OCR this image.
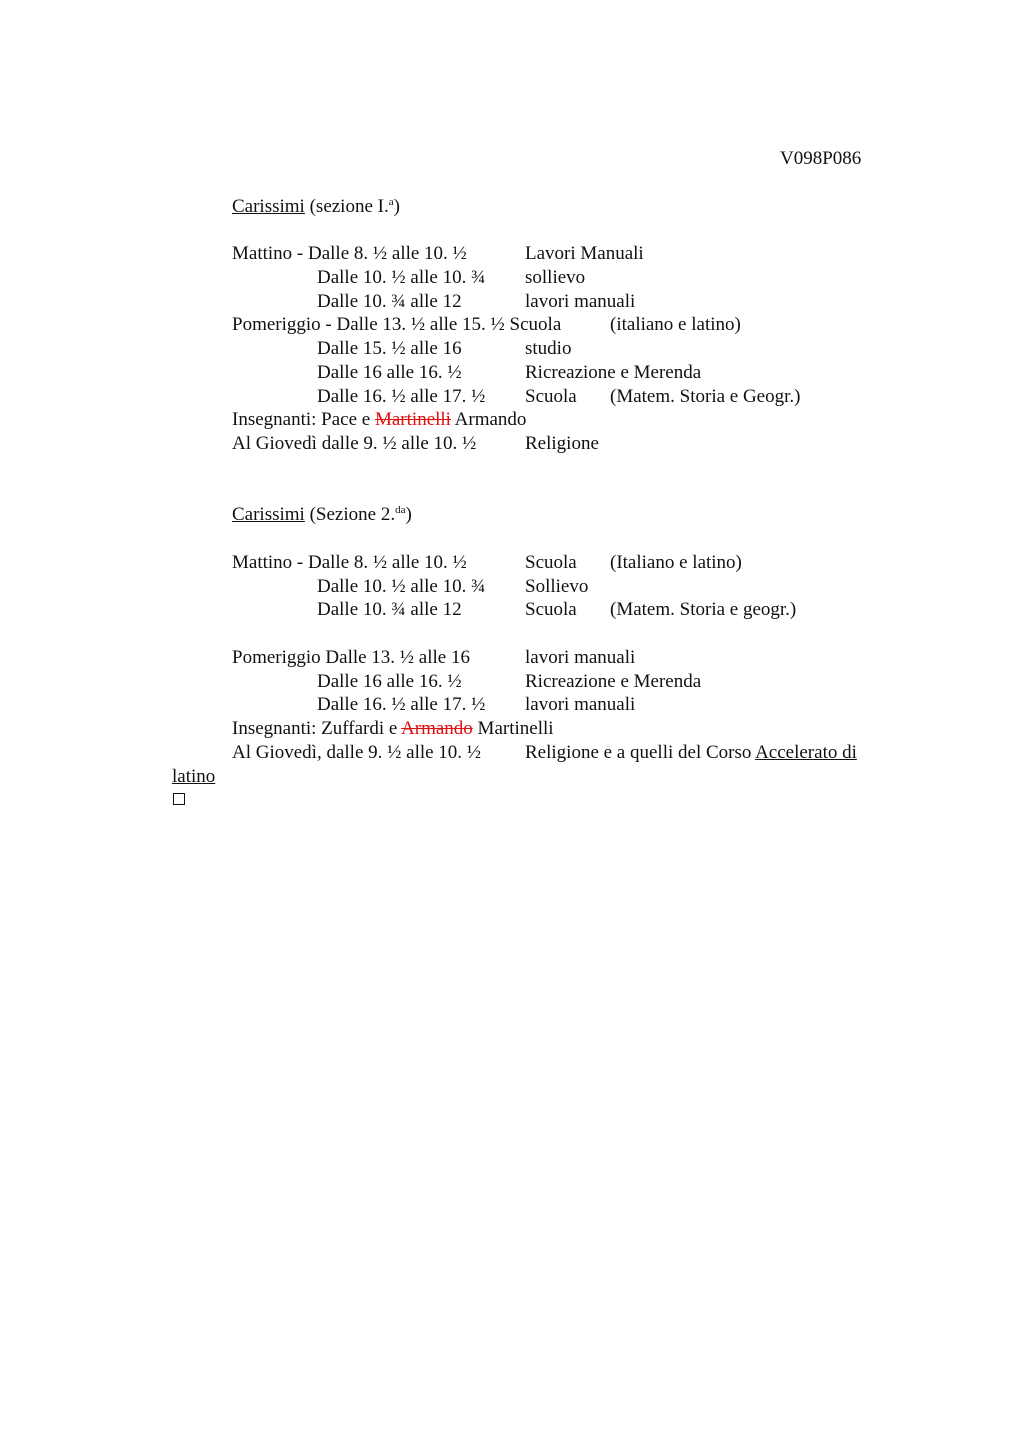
V098P086
Carissimi (sezione I.$^a$)
Mattino - Dalle 8. ½ alle 10. ½	Lavori Manuali
Dalle 10. ½ alle 10. ¾ sollievo
Dalle 10. ¾ alle 12	lavori manuali
Pomeriggio - Dalle 13. ½ alle 15. ½ Scuola	(italiano e latino)
Dalle 15. ½ alle 16	studio
Dalle 16 alle 16. ½	Ricreazione e Merenda
Dalle 16. ½ alle 17. ½ Scuola (Matem. Storia e Geogr.)
Insegnanti: Pace e Martinelli Armando
Al Giovedì dalle 9. ½ alle 10. ½	Religione
Carissimi (Sezione 2.$^{da}$)
Mattino - Dalle 8. ½ alle 10. ½	Scuola (Italiano e latino)
Dalle 10. ½ alle 10. ¾ Sollievo
Dalle 10. ¾ alle 12	Scuola (Matem. Storia e geogr.)
Pomeriggio Dalle 13. ½ alle 16	lavori manuali
Dalle 16 alle 16. ½	Ricreazione e Merenda
Dalle 16. ½ alle 17. ½ lavori manuali
Insegnanti: Zuffardi e Armando Martinelli
Al Giovedì, dalle 9. ½ alle 10. ½ Religione e a quelli del Corso Accelerato di
latino
